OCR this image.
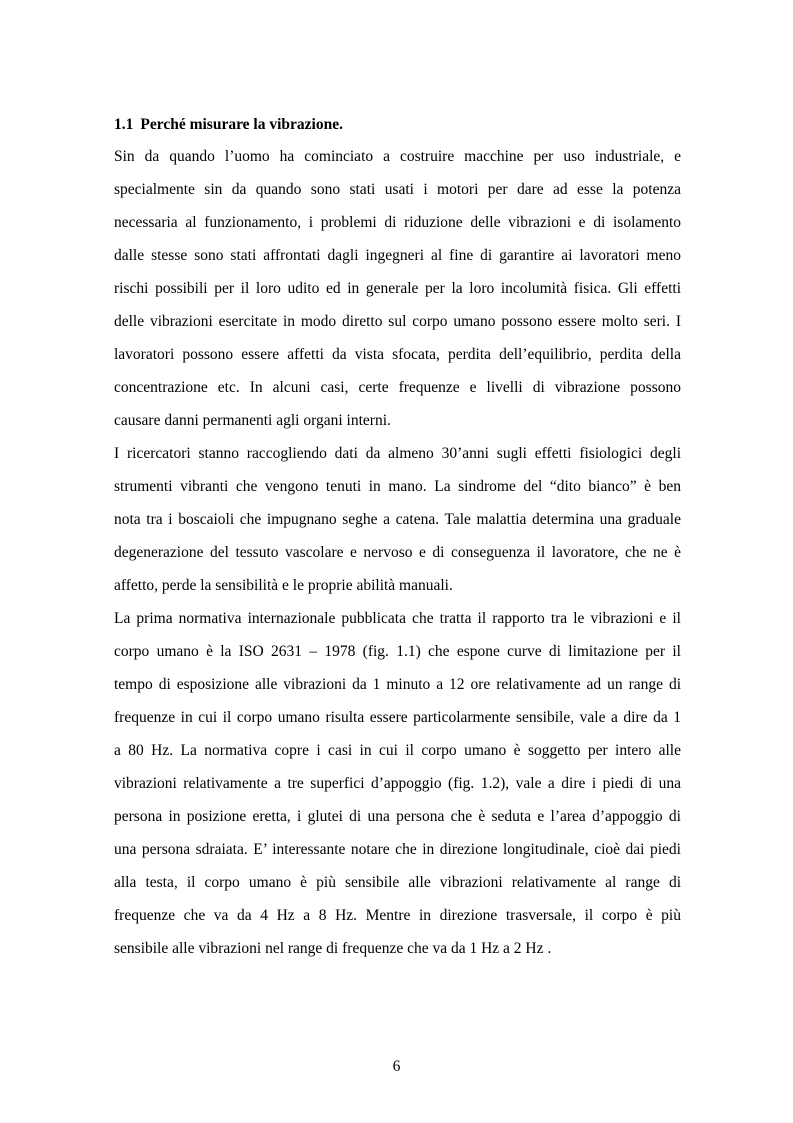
1.1 Perché misurare la vibrazione.
Sin da quando l’uomo ha cominciato a costruire macchine per uso industriale, e
specialmente sin da quando sono stati usati i motori per dare ad esse la potenza
necessaria al funzionamento, i problemi di riduzione delle vibrazioni e di isolamento
dalle stesse sono stati affrontati dagli ingegneri al fine di garantire ai lavoratori meno
rischi possibili per il loro udito ed in generale per la loro incolumità fisica. Gli effetti
delle vibrazioni esercitate in modo diretto sul corpo umano possono essere molto seri. I
lavoratori possono essere affetti da vista sfocata, perdita dell’equilibrio, perdita della
concentrazione etc. In alcuni casi, certe frequenze e livelli di vibrazione possono
causare danni permanenti agli organi interni.
I ricercatori stanno raccogliendo dati da almeno 30’anni sugli effetti fisiologici degli
strumenti vibranti che vengono tenuti in mano. La sindrome del “dito bianco” è ben
nota tra i boscaioli che impugnano seghe a catena. Tale malattia determina una graduale
degenerazione del tessuto vascolare e nervoso e di conseguenza il lavoratore, che ne è
affetto, perde la sensibilità e le proprie abilità manuali.
La prima normativa internazionale pubblicata che tratta il rapporto tra le vibrazioni e il
corpo umano è la ISO 2631 – 1978 (fig. 1.1) che espone curve di limitazione per il
tempo di esposizione alle vibrazioni da 1 minuto a 12 ore relativamente ad un range di
frequenze in cui il corpo umano risulta essere particolarmente sensibile, vale a dire da 1
a 80 Hz. La normativa copre i casi in cui il corpo umano è soggetto per intero alle
vibrazioni relativamente a tre superfici d’appoggio (fig. 1.2), vale a dire i piedi di una
persona in posizione eretta, i glutei di una persona che è seduta e l’area d’appoggio di
una persona sdraiata. E’ interessante notare che in direzione longitudinale, cioè dai piedi
alla testa, il corpo umano è più sensibile alle vibrazioni relativamente al range di
frequenze che va da 4 Hz a 8 Hz. Mentre in direzione trasversale, il corpo è più
sensibile alle vibrazioni nel range di frequenze che va da 1 Hz a 2 Hz .
6
